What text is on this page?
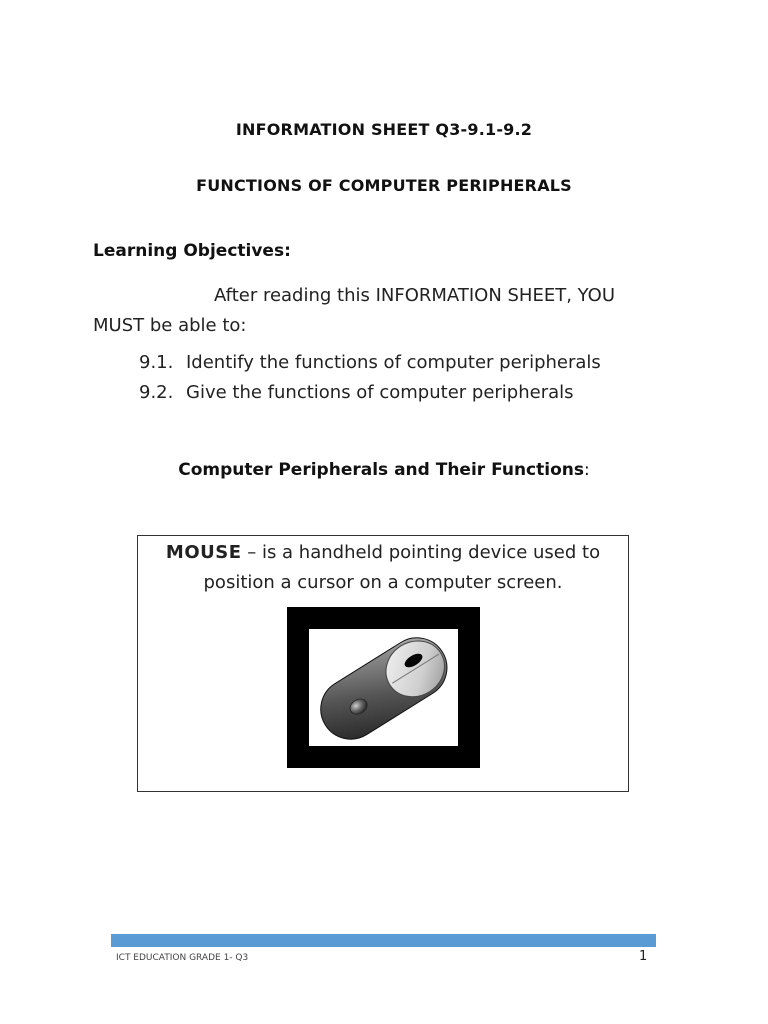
INFORMATION SHEET Q3-9.1-9.2
FUNCTIONS OF COMPUTER PERIPHERALS
Learning Objectives:
After reading this INFORMATION SHEET, YOU
MUST be able to:
9.1. Identify the functions of computer peripherals
9.2. Give the functions of computer peripherals
Computer Peripherals and Their Functions:
MOUSE – is a handheld pointing device used to
position a cursor on a computer screen.
ICT EDUCATION GRADE 1- Q3	1
